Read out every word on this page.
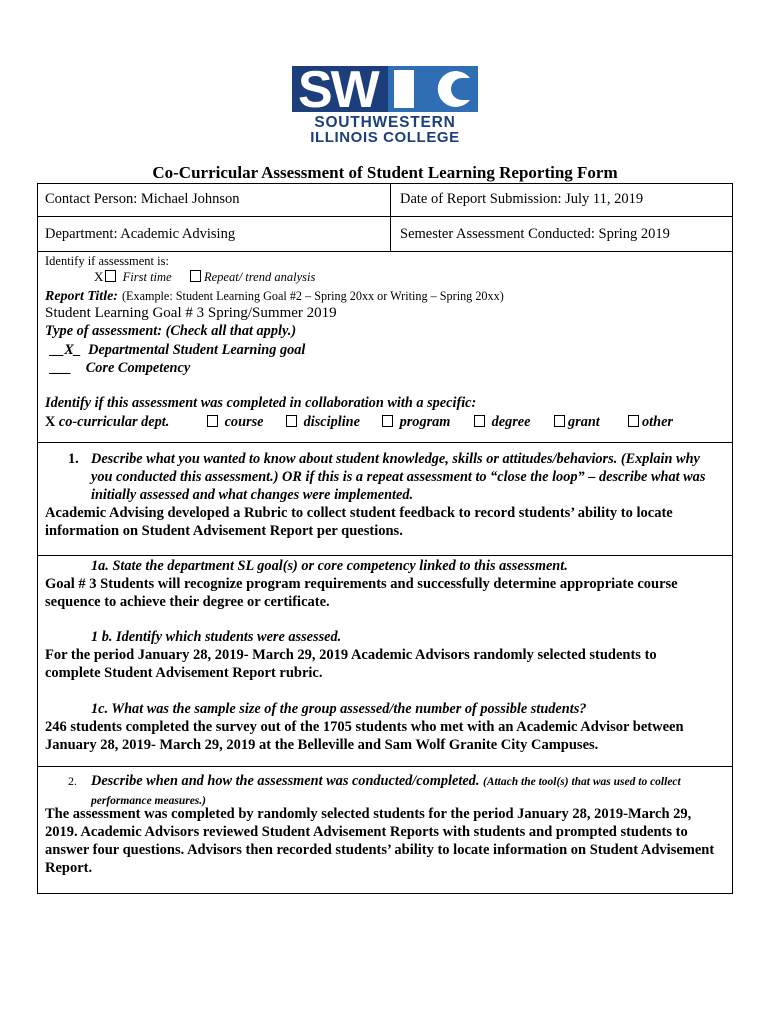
SW
SOUTHWESTERN
ILLINOIS COLLEGE
Co-Curricular Assessment of Student Learning Reporting Form
Contact Person: Michael Johnson	Date of Report Submission: July 11, 2019
Department: Academic Advising	Semester Assessment Conducted: Spring 2019
Identify if assessment is:
X First time	Repeat/ trend analysis
Report Title: (Example: Student Learning Goal #2 – Spring 20xx or Writing – Spring 20xx)
Student Learning Goal # 3 Spring/Summer 2019
Type of assessment: (Check all that apply.)
__X_ Departmental Student Learning goal
___ Core Competency
Identify if this assessment was completed in collaboration with a specific:
X co-curricular dept.	course	discipline	program	degree	grant	other
1. Describe what you wanted to know about student knowledge, skills or attitudes/behaviors. (Explain why you conducted this assessment.) OR if this is a repeat assessment to “close the loop” – describe what was initially assessed and what changes were implemented.
Academic Advising developed a Rubric to collect student feedback to record students’ ability to locate information on Student Advisement Report per questions.
1a. State the department SL goal(s) or core competency linked to this assessment.
Goal # 3 Students will recognize program requirements and successfully determine appropriate course sequence to achieve their degree or certificate.
1 b. Identify which students were assessed.
For the period January 28, 2019- March 29, 2019 Academic Advisors randomly selected students to complete Student Advisement Report rubric.
1c. What was the sample size of the group assessed/the number of possible students?
246 students completed the survey out of the 1705 students who met with an Academic Advisor between January 28, 2019- March 29, 2019 at the Belleville and Sam Wolf Granite City Campuses.
2. Describe when and how the assessment was conducted/completed. (Attach the tool(s) that was used to collect performance measures.)
The assessment was completed by randomly selected students for the period January 28, 2019-March 29, 2019. Academic Advisors reviewed Student Advisement Reports with students and prompted students to answer four questions. Advisors then recorded students’ ability to locate information on Student Advisement Report.
